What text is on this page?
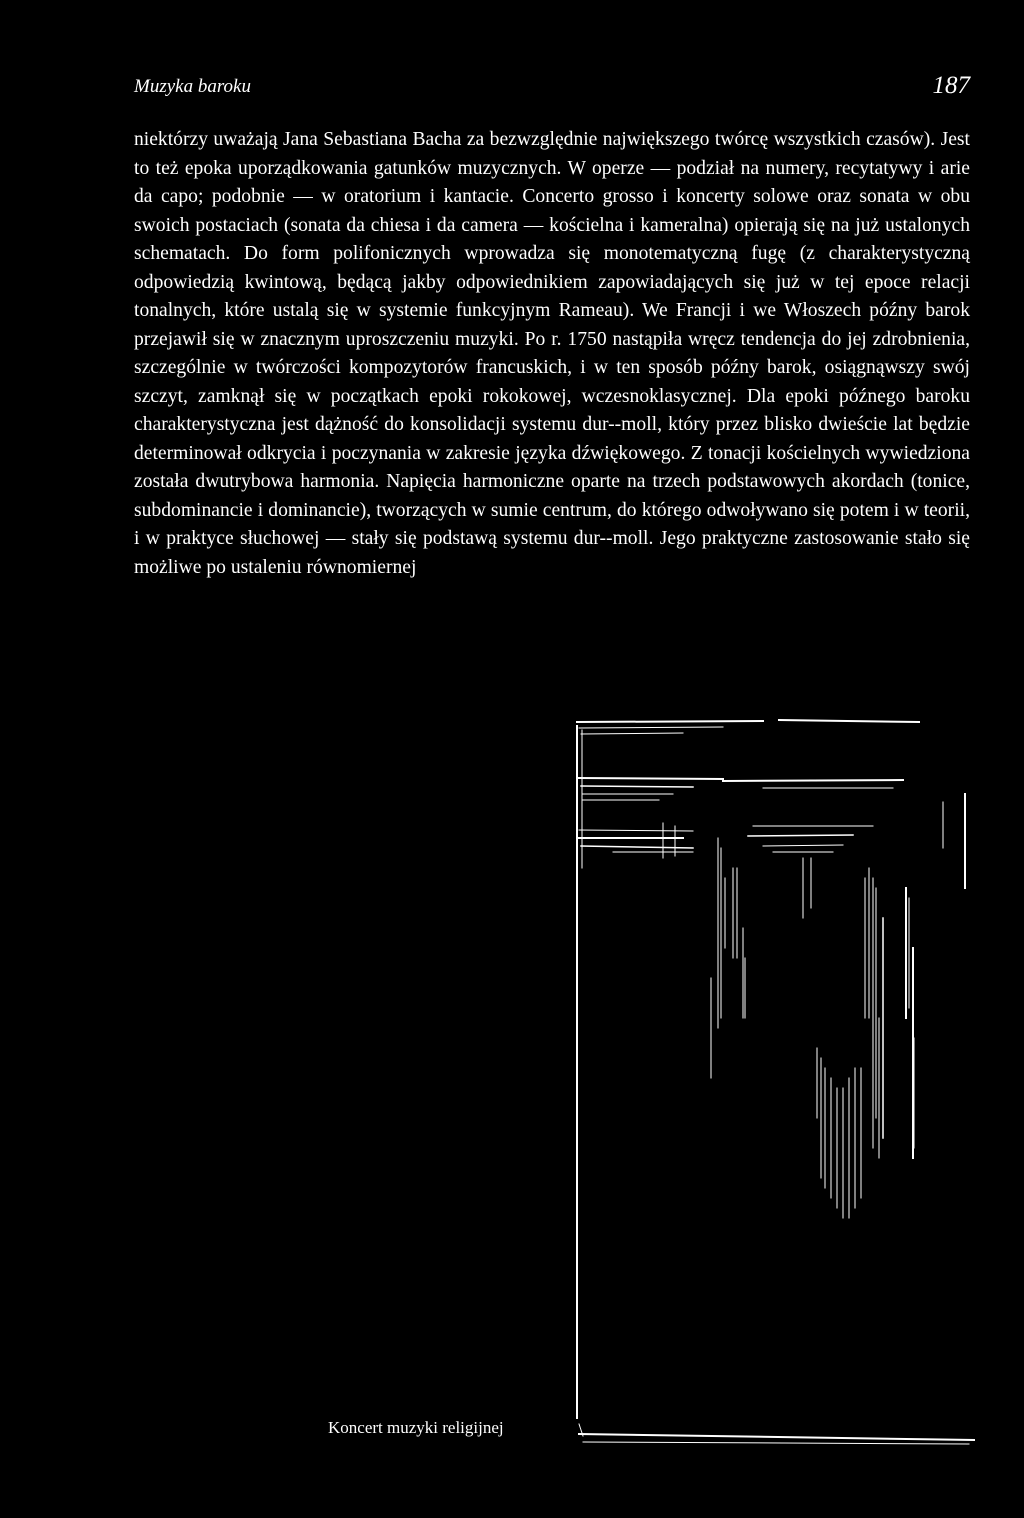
Muzyka baroku	187

niektórzy uważają Jana Sebastiana Bacha za bezwzględnie największego twórcę wszystkich czasów). Jest to też epoka uporządkowania gatunków muzycznych. W operze — podział na numery, recytatywy i arie da capo; podobnie — w oratorium i kantacie. Concerto grosso i koncerty solowe oraz sonata w obu swoich postaciach (sonata da chiesa i da camera — kościelna i kameralna) opierają się na już ustalonych schematach. Do form polifonicznych wprowadza się monotematyczną fugę (z charakterystyczną odpowiedzią kwintową, będącą jakby odpowiednikiem zapowiadających się już w tej epoce relacji tonalnych, które ustalą się w systemie funkcyjnym Rameau). We Francji i we Włoszech późny barok przejawił się w znacznym uproszczeniu muzyki. Po r. 1750 nastąpiła wręcz tendencja do jej zdrobnienia, szczególnie w twórczości kompozytorów francuskich, i w ten sposób późny barok, osiągnąwszy swój szczyt, zamknął się w początkach epoki rokokowej, wczesnoklasycznej. Dla epoki późnego baroku charakterystyczna jest dążność do konsolidacji systemu dur--moll, który przez blisko dwieście lat będzie determinował odkrycia i poczynania w zakresie języka dźwiękowego. Z tonacji kościelnych wywiedziona została dwutrybowa harmonia. Napięcia harmoniczne oparte na trzech podstawowych akordach (tonice, subdominancie i dominancie), tworzących w sumie centrum, do którego odwoływano się potem i w teorii, i w praktyce słuchowej — stały się podstawą systemu dur--moll. Jego praktyczne zastosowanie stało się możliwe po ustaleniu równomiernej

Koncert muzyki religijnej
